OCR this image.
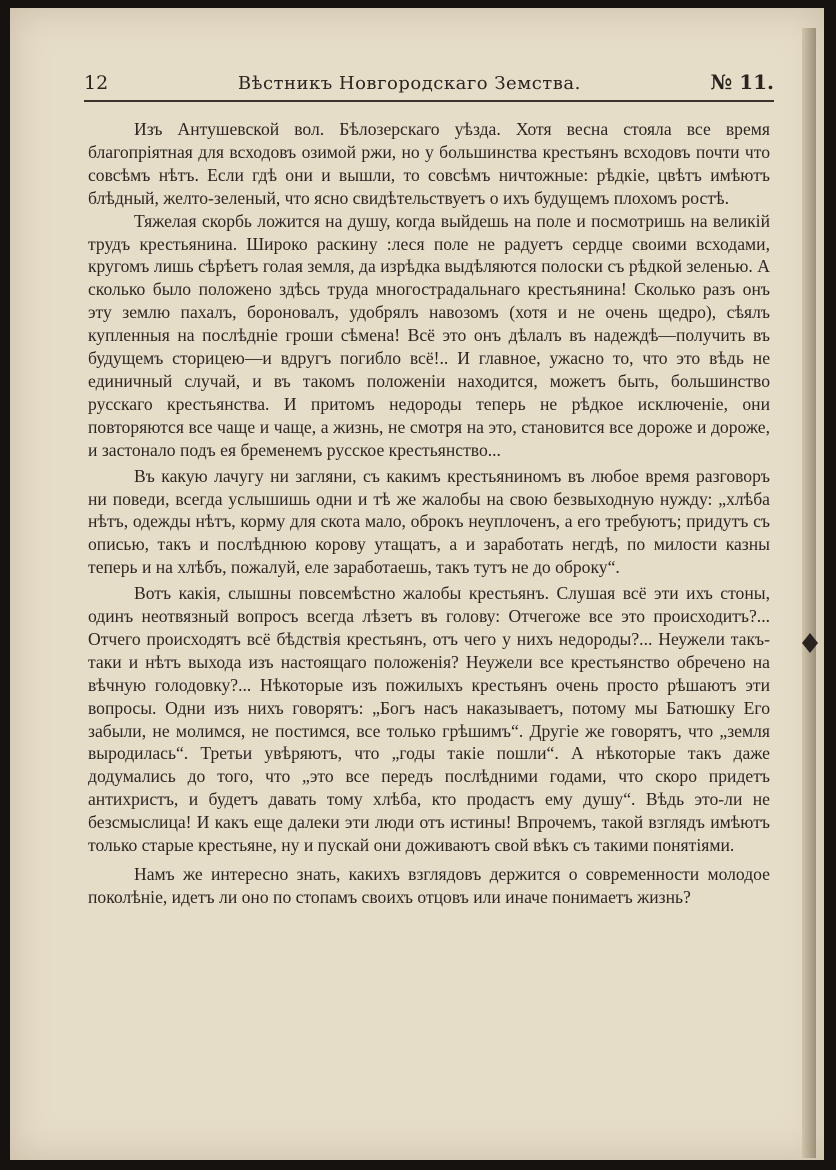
12	Вѣстникъ Новгородскаго Земства.	№ 11.

Изъ Антушевской вол. Бѣлозерскаго уѣзда. Хотя весна стояла все время благопріятная для всходовъ озимой ржи, но у большинства крестьянъ всходовъ почти что совсѣмъ нѣтъ. Если гдѣ они и вышли, то совсѣмъ ничтожные: рѣдкіе, цвѣтъ имѣютъ блѣдный, желто-зеленый, что ясно свидѣтельствуетъ о ихъ будущемъ плохомъ ростѣ.

Тяжелая скорбь ложится на душу, когда выйдешь на поле и посмотришь на великій трудъ крестьянина. Широко раскину :леся поле не радуетъ сердце своими всходами, кругомъ лишь сѣрѣетъ голая земля, да изрѣдка выдѣляются полоски съ рѣдкой зеленью. А сколько было положено здѣсь труда многострадальнаго крестьянина! Сколько разъ онъ эту землю пахалъ, бороновалъ, удобрялъ навозомъ (хотя и не очень щедро), сѣялъ купленныя на послѣдніе гроши сѣмена! Всё это онъ дѣлалъ въ надеждѣ—получить въ будущемъ сторицею—и вдругъ погибло всё!.. И главное, ужасно то, что это вѣдь не единичный случай, и въ такомъ положеніи находится, можетъ быть, большинство русскаго крестьянства. И притомъ недороды теперь не рѣдкое исключеніе, они повторяются все чаще и чаще, а жизнь, не смотря на это, становится все дороже и дороже, и застонало подъ ея бременемъ русское крестьянство...

Въ какую лачугу ни загляни, съ какимъ крестьяниномъ въ любое время разговоръ ни поведи, всегда услышишь одни и тѣ же жалобы на свою безвыходную нужду: „хлѣба нѣтъ, одежды нѣтъ, корму для скота мало, оброкъ неуплоченъ, а его требуютъ; придутъ съ описью, такъ и послѣднюю корову утащатъ, а и заработать негдѣ, по милости казны теперь и на хлѣбъ, пожалуй, еле заработаешь, такъ тутъ не до оброку“.

Вотъ какія, слышны повсемѣстно жалобы крестьянъ. Слушая всё эти ихъ стоны, одинъ неотвязный вопросъ всегда лѣзетъ въ голову: Отчегоже все это происходитъ?... Отчего происходятъ всё бѣдствія крестьянъ, отъ чего у нихъ недороды?... Неужели такъ-таки и нѣтъ выхода изъ настоящаго положенія? Неужели все крестьянство обречено на вѣчную голодовку?... Нѣкоторые изъ пожилыхъ крестьянъ очень просто рѣшаютъ эти вопросы. Одни изъ нихъ говорятъ: „Богъ насъ наказываетъ, потому мы Батюшку Его забыли, не молимся, не постимся, все только грѣшимъ“. Другіе же говорятъ, что „земля выродилась“. Третьи увѣряютъ, что „годы такіе пошли“. А нѣкоторые такъ даже додумались до того, что „это все передъ послѣдними годами, что скоро придетъ антихристъ, и будетъ давать тому хлѣба, кто продастъ ему душу“. Вѣдь это-ли не безсмыслица! И какъ еще далеки эти люди отъ истины! Впрочемъ, такой взглядъ имѣютъ только старые крестьяне, ну и пускай они доживаютъ свой вѣкъ съ такими понятіями.

Намъ же интересно знать, какихъ взглядовъ держится о современности молодое поколѣніе, идетъ ли оно по стопамъ своихъ отцовъ или иначе понимаетъ жизнь?
